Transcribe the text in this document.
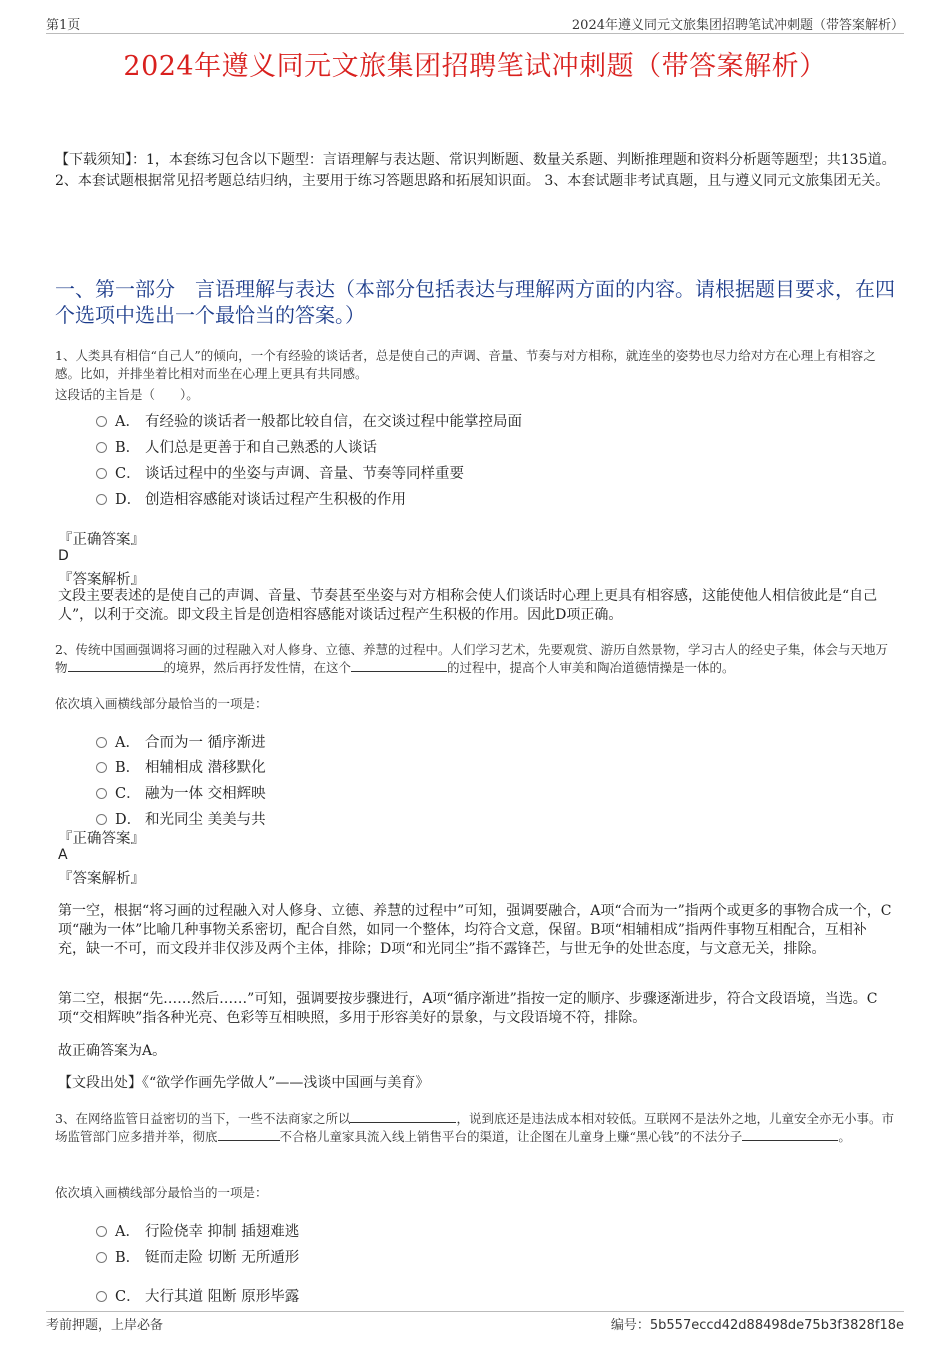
第1页	2024年遵义同元文旅集团招聘笔试冲刺题（带答案解析）
2024年遵义同元文旅集团招聘笔试冲刺题（带答案解析）
【下载须知】：1，本套练习包含以下题型：言语理解与表达题、常识判断题、数量关系题、判断推理题和资料分析题等题型；共135道。 2、本套试题根据常见招考题总结归纳，主要用于练习答题思路和拓展知识面。 3、本套试题非考试真题，且与遵义同元文旅集团无关。
一、第一部分　言语理解与表达（本部分包括表达与理解两方面的内容。请根据题目要求，在四个选项中选出一个最恰当的答案。）
1、人类具有相信“自己人”的倾向，一个有经验的谈话者，总是使自己的声调、音量、节奏与对方相称，就连坐的姿势也尽力给对方在心理上有相容之感。比如，并排坐着比相对而坐在心理上更具有共同感。
这段话的主旨是（　　）。
A． 有经验的谈话者一般都比较自信，在交谈过程中能掌控局面
B． 人们总是更善于和自己熟悉的人谈话
C． 谈话过程中的坐姿与声调、音量、节奏等同样重要
D． 创造相容感能对谈话过程产生积极的作用
『正确答案』
D
『答案解析』
文段主要表述的是使自己的声调、音量、节奏甚至坐姿与对方相称会使人们谈话时心理上更具有相容感，这能使他人相信彼此是“自己人”，以利于交流。即文段主旨是创造相容感能对谈话过程产生积极的作用。因此D项正确。
2、传统中国画强调将习画的过程融入对人修身、立德、养慧的过程中。人们学习艺术，先要观赏、游历自然景物，学习古人的经史子集，体会与天地万物	的境界，然后再抒发性情，在这个	的过程中，提高个人审美和陶冶道德情操是一体的。
依次填入画横线部分最恰当的一项是：
A． 合而为一 循序渐进
B． 相辅相成 潜移默化
C． 融为一体 交相辉映
D． 和光同尘 美美与共
『正确答案』
A
『答案解析』
第一空，根据“将习画的过程融入对人修身、立德、养慧的过程中”可知，强调要融合，A项“合而为一”指两个或更多的事物合成一个，C项“融为一体”比喻几种事物关系密切，配合自然，如同一个整体，均符合文意，保留。B项“相辅相成”指两件事物互相配合，互相补充，缺一不可，而文段并非仅涉及两个主体，排除；D项“和光同尘”指不露锋芒，与世无争的处世态度，与文意无关，排除。
第二空，根据“先……然后……”可知，强调要按步骤进行，A项“循序渐进”指按一定的顺序、步骤逐渐进步，符合文段语境，当选。C项“交相辉映”指各种光亮、色彩等互相映照，多用于形容美好的景象，与文段语境不符，排除。
故正确答案为A。
【文段出处】《“欲学作画先学做人”——浅谈中国画与美育》
3、在网络监管日益密切的当下，一些不法商家之所以	，说到底还是违法成本相对较低。互联网不是法外之地，儿童安全亦无小事。市场监管部门应多措并举，彻底	不合格儿童家具流入线上销售平台的渠道，让企图在儿童身上赚“黑心钱”的不法分子	。
依次填入画横线部分最恰当的一项是：
A． 行险侥幸 抑制 插翅难逃
B． 铤而走险 切断 无所遁形
C． 大行其道 阻断 原形毕露
考前押题，上岸必备	编号：5b557eccd42d88498de75b3f3828f18e
